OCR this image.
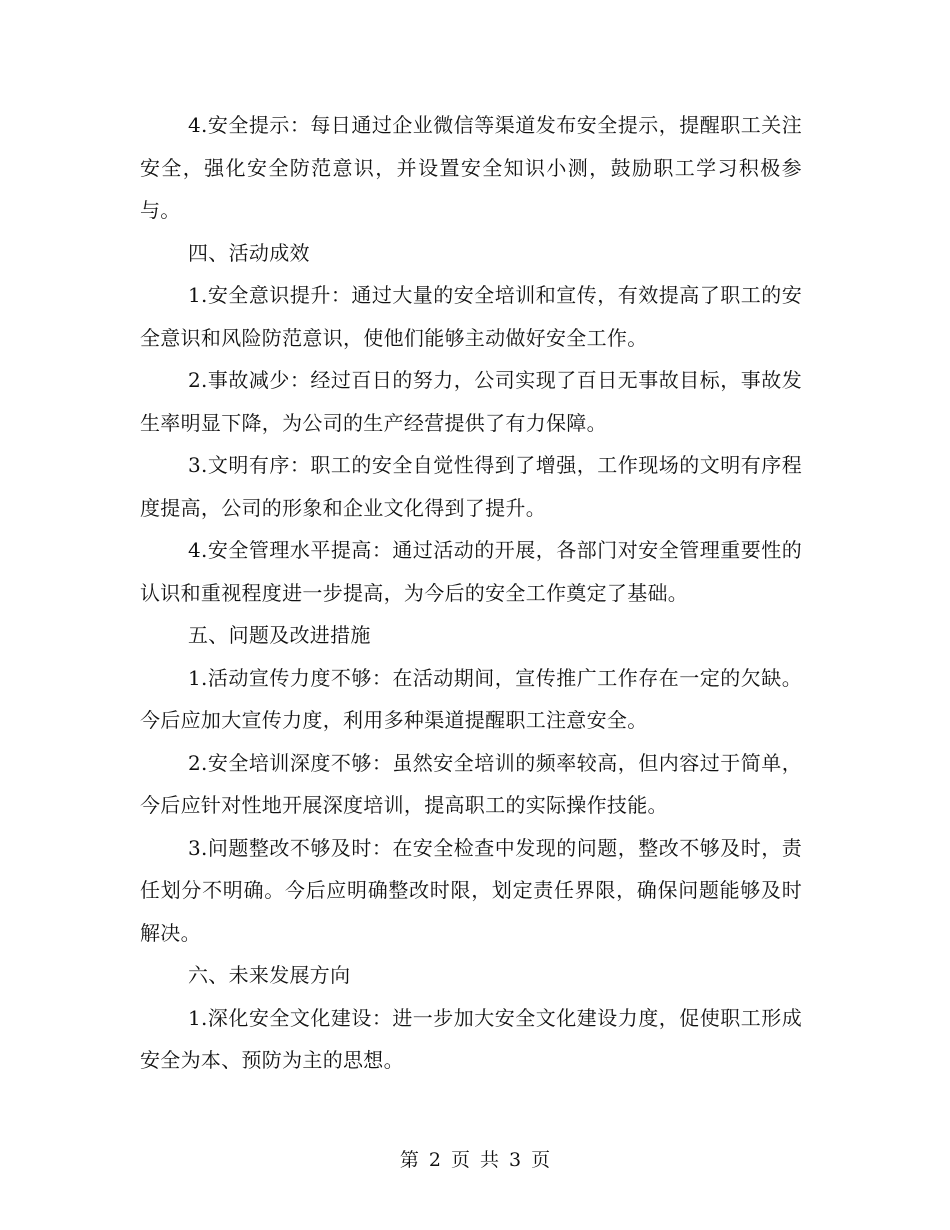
4.安全提示：每日通过企业微信等渠道发布安全提示，提醒职工关注安全，强化安全防范意识，并设置安全知识小测，鼓励职工学习积极参与。

四、活动成效

1.安全意识提升：通过大量的安全培训和宣传，有效提高了职工的安全意识和风险防范意识，使他们能够主动做好安全工作。

2.事故减少：经过百日的努力，公司实现了百日无事故目标，事故发生率明显下降，为公司的生产经营提供了有力保障。

3.文明有序：职工的安全自觉性得到了增强，工作现场的文明有序程度提高，公司的形象和企业文化得到了提升。

4.安全管理水平提高：通过活动的开展，各部门对安全管理重要性的认识和重视程度进一步提高，为今后的安全工作奠定了基础。

五、问题及改进措施

1.活动宣传力度不够：在活动期间，宣传推广工作存在一定的欠缺。今后应加大宣传力度，利用多种渠道提醒职工注意安全。

2.安全培训深度不够：虽然安全培训的频率较高，但内容过于简单，今后应针对性地开展深度培训，提高职工的实际操作技能。

3.问题整改不够及时：在安全检查中发现的问题，整改不够及时，责任划分不明确。今后应明确整改时限，划定责任界限，确保问题能够及时解决。

六、未来发展方向

1.深化安全文化建设：进一步加大安全文化建设力度，促使职工形成安全为本、预防为主的思想。

第 2 页 共 3 页
